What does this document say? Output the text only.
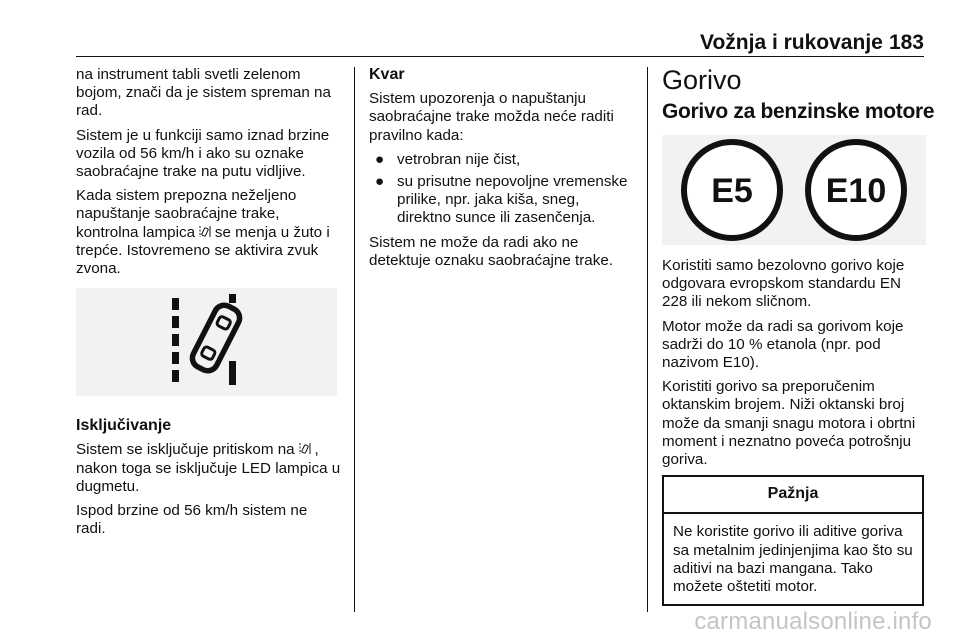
Vožnja i rukovanje 183

na instrument tabli svetli zelenom bojom, znači da je sistem spreman na rad.

Sistem je u funkciji samo iznad brzine vozila od 56 km/h i ako su oznake saobraćajne trake na putu vidljive.

Kada sistem prepozna neželjeno napuštanje saobraćajne trake, kontrolna lampica se menja u žuto i trepće. Istovremeno se aktivira zvuk zvona.

Isključivanje

Sistem se isključuje pritiskom na , nakon toga se isključuje LED lampica u dugmetu.

Ispod brzine od 56 km/h sistem ne radi.

Kvar

Sistem upozorenja o napuštanju saobraćajne trake možda neće raditi pravilno kada:

● vetrobran nije čist,
● su prisutne nepovoljne vremenske prilike, npr. jaka kiša, sneg, direktno sunce ili zasenčenja.

Sistem ne može da radi ako ne detektuje oznaku saobraćajne trake.

Gorivo
Gorivo za benzinske motore
E5 E10

Koristiti samo bezolovno gorivo koje odgovara evropskom standardu EN 228 ili nekom sličnom.

Motor može da radi sa gorivom koje sadrži do 10 % etanola (npr. pod nazivom E10).

Koristiti gorivo sa preporučenim oktanskim brojem. Niži oktanski broj može da smanji snagu motora i obrtni moment i neznatno poveća potrošnju goriva.

Pažnja
Ne koristite gorivo ili aditive goriva sa metalnim jedinjenjima kao što su aditivi na bazi mangana. Tako možete oštetiti motor.
carmanualsonline.info
